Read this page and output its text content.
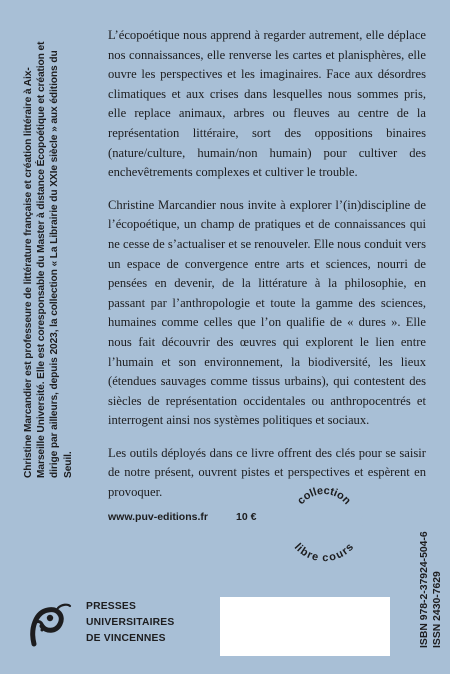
Christine Marcandier est professeure de littérature française et création littéraire à Aix-Marseille Université. Elle est coresponsable du Master à distance Écopoétique et création et dirige par ailleurs, depuis 2023, la collection « La Librairie du XXIe siècle » aux éditions du Seuil.

L’écopoétique nous apprend à regarder autrement, elle déplace nos connaissances, elle renverse les cartes et planisphères, elle ouvre les perspectives et les imaginaires. Face aux désordres climatiques et aux crises dans lesquelles nous sommes pris, elle replace animaux, arbres ou fleuves au centre de la représentation littéraire, sort des oppositions binaires (nature/culture, humain/non humain) pour cultiver des enchevêtrements complexes et cultiver le trouble.

Christine Marcandier nous invite à explorer l’(in)discipline de l’écopoétique, un champ de pratiques et de connaissances qui ne cesse de s’actualiser et se renouveler. Elle nous conduit vers un espace de convergence entre arts et sciences, nourri de pensées en devenir, de la littérature à la philosophie, en passant par l’anthropologie et toute la gamme des sciences, humaines comme celles que l’on qualifie de « dures ». Elle nous fait découvrir des œuvres qui explorent le lien entre l’humain et son environnement, la biodiversité, les lieux (étendues sauvages comme tissus urbains), qui contestent des siècles de représentation occidentales ou anthropocentrés et interrogent ainsi nos systèmes politiques et sociaux.

Les outils déployés dans ce livre offrent des clés pour se saisir de notre présent, ouvrent pistes et perspectives et espèrent en provoquer.

www.puv-editions.fr	10 €
collection
libre cours
PRESSES
UNIVERSITAIRES
DE VINCENNES	ISBN 978-2-37924-504-6 ISSN 2430-7629
